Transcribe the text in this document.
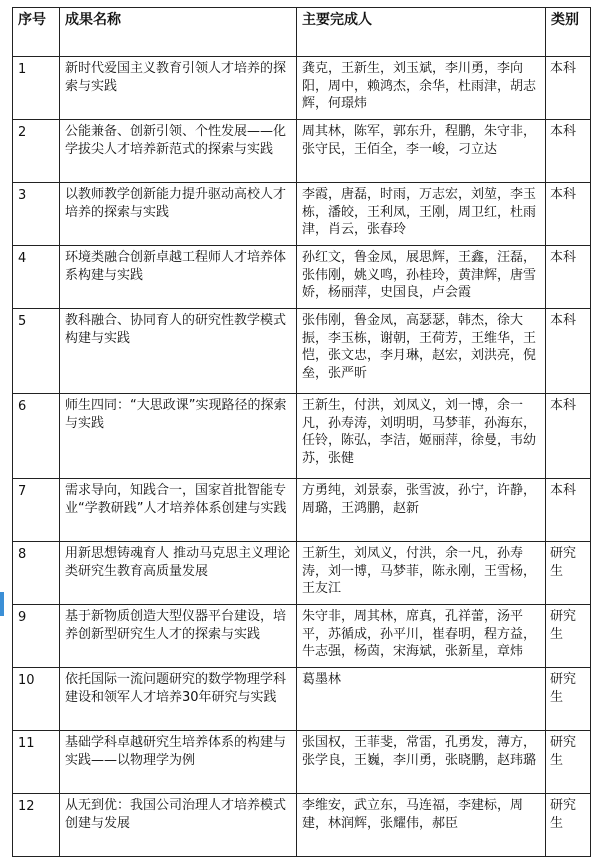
序号	成果名称	主要完成人	类别
1	新时代爱国主义教育引领人才培养的探索与实践	龚克，王新生，刘玉斌，李川勇，李向阳，周中，赖鸿杰，余华，杜雨津，胡志辉，何璟炜	本科
2	公能兼备、创新引领、个性发展——化学拔尖人才培养新范式的探索与实践	周其林，陈军，郭东升，程鹏，朱守非，张守民，王佰全，李一峻，刁立达	本科
3	以教师教学创新能力提升驱动高校人才培养的探索与实践	李霞，唐磊，时雨，万志宏，刘堃，李玉栋，潘皎，王利凤，王刚，周卫红，杜雨津，肖云，张春玲	本科
4	环境类融合创新卓越工程师人才培养体系构建与实践	孙红文，鲁金凤，展思辉，王鑫，汪磊，张伟刚，姚义鸣，孙桂玲，黄津辉，唐雪娇，杨丽萍，史国良，卢会霞	本科
5	教科融合、协同育人的研究性教学模式构建与实践	张伟刚，鲁金凤，高瑟瑟，韩杰，徐大振，李玉栋，谢朝，王荷芳，王维华，王恺，张文忠，李月琳，赵宏，刘洪亮，倪垒，张严昕	本科
6	师生四同：“大思政课”实现路径的探索与实践	王新生，付洪，刘凤义，刘一博，余一凡，孙寿涛，刘明明，马梦菲，孙海东，任铃，陈弘，李洁，姬丽萍，徐曼，韦幼苏，张健	本科
7	需求导向，知践合一，国家首批智能专业“学教研践”人才培养体系创建与实践	方勇纯，刘景泰，张雪波，孙宁，许静，周璐，王鸿鹏，赵新	本科
8	用新思想铸魂育人 推动马克思主义理论类研究生教育高质量发展	王新生，刘凤义，付洪，余一凡，孙寿涛，刘一博，马梦菲，陈永刚，王雪杨，王友江	研究生
9	基于新物质创造大型仪器平台建设，培养创新型研究生人才的探索与实践	朱守非，周其林，席真，孔祥蕾，汤平平，苏循成，孙平川，崔春明，程方益，牛志强，杨茵，宋海斌，张新星，章炜	研究生
10	依托国际一流问题研究的数学物理学科建设和领军人才培养30年研究与实践	葛墨林	研究生
11	基础学科卓越研究生培养体系的构建与实践——以物理学为例	张国权，王菲斐，常雷，孔勇发，薄方，张学良，王巍，李川勇，张晓鹏，赵玮璐	研究生
12	从无到优：我国公司治理人才培养模式创建与发展	李维安，武立东，马连福，李建标，周建，林润辉，张耀伟，郝臣	研究生
